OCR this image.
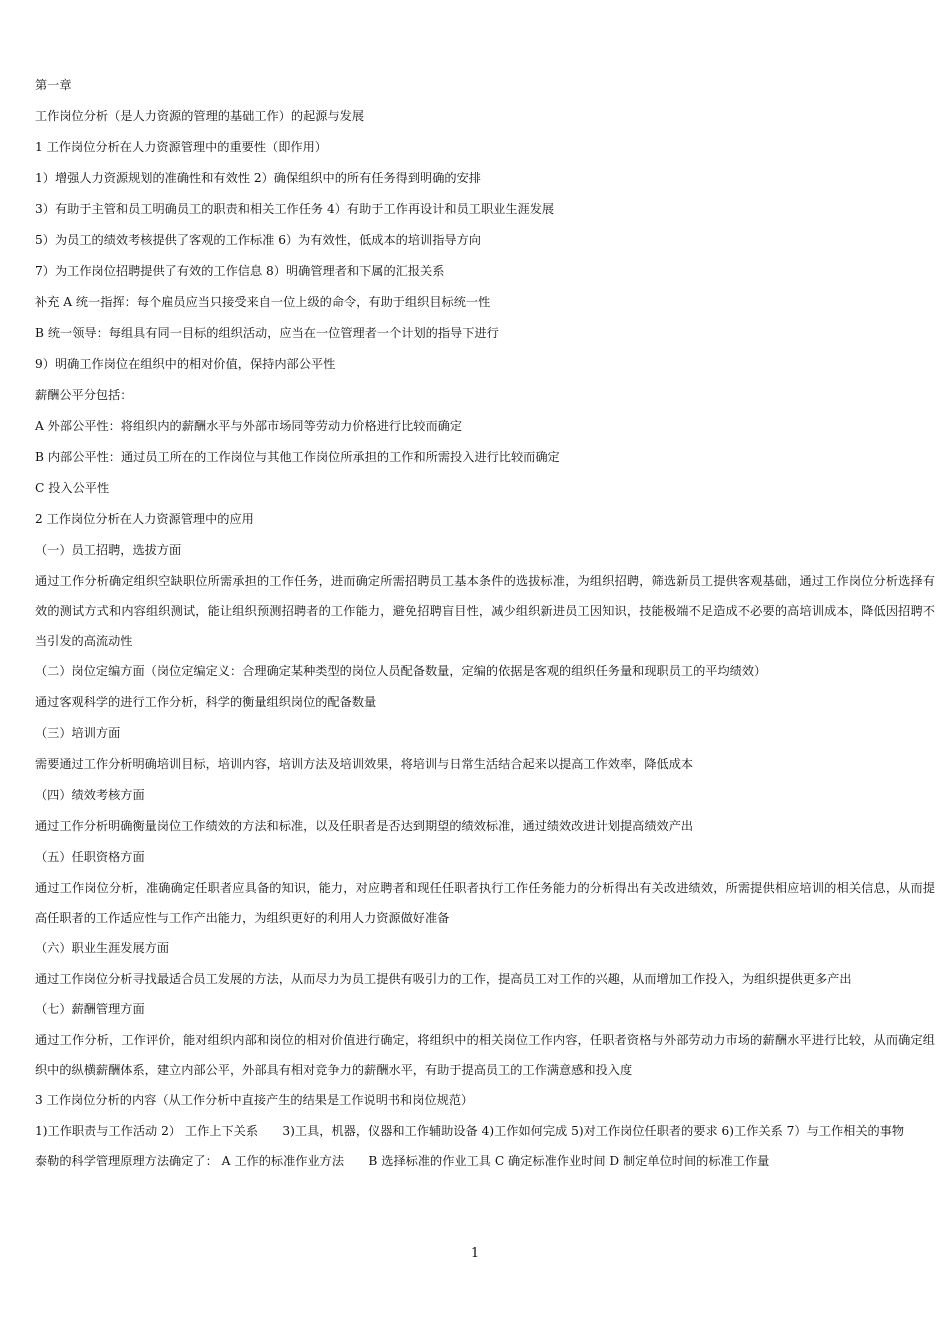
第一章
工作岗位分析（是人力资源的管理的基础工作）的起源与发展
1 工作岗位分析在人力资源管理中的重要性（即作用）
1）增强人力资源规划的准确性和有效性 2）确保组织中的所有任务得到明确的安排
3）有助于主管和员工明确员工的职责和相关工作任务 4）有助于工作再设计和员工职业生涯发展
5）为员工的绩效考核提供了客观的工作标准 6）为有效性，低成本的培训指导方向
7）为工作岗位招聘提供了有效的工作信息 8）明确管理者和下属的汇报关系
补充 A 统一指挥：每个雇员应当只接受来自一位上级的命令，有助于组织目标统一性
B 统一领导：每组具有同一目标的组织活动，应当在一位管理者一个计划的指导下进行
9）明确工作岗位在组织中的相对价值，保持内部公平性
薪酬公平分包括：
A 外部公平性：将组织内的薪酬水平与外部市场同等劳动力价格进行比较而确定
B 内部公平性：通过员工所在的工作岗位与其他工作岗位所承担的工作和所需投入进行比较而确定
C 投入公平性
2 工作岗位分析在人力资源管理中的应用
（一）员工招聘，选拔方面
通过工作分析确定组织空缺职位所需承担的工作任务，进而确定所需招聘员工基本条件的选拔标准，为组织招聘，筛选新员工提供客观基础，通过工作岗位分析选择有效的测试方式和内容组织测试，能让组织预测招聘者的工作能力，避免招聘盲目性，减少组织新进员工因知识，技能极端不足造成不必要的高培训成本，降低因招聘不当引发的高流动性
（二）岗位定编方面（岗位定编定义：合理确定某种类型的岗位人员配备数量，定编的依据是客观的组织任务量和现职员工的平均绩效）
通过客观科学的进行工作分析，科学的衡量组织岗位的配备数量
（三）培训方面
需要通过工作分析明确培训目标，培训内容，培训方法及培训效果，将培训与日常生活结合起来以提高工作效率，降低成本
（四）绩效考核方面
通过工作分析明确衡量岗位工作绩效的方法和标准，以及任职者是否达到期望的绩效标准，通过绩效改进计划提高绩效产出
（五）任职资格方面
通过工作岗位分析，准确确定任职者应具备的知识，能力，对应聘者和现任任职者执行工作任务能力的分析得出有关改进绩效，所需提供相应培训的相关信息，从而提高任职者的工作适应性与工作产出能力，为组织更好的利用人力资源做好准备
（六）职业生涯发展方面
通过工作岗位分析寻找最适合员工发展的方法，从而尽力为员工提供有吸引力的工作，提高员工对工作的兴趣，从而增加工作投入，为组织提供更多产出
（七）薪酬管理方面
通过工作分析，工作评价，能对组织内部和岗位的相对价值进行确定，将组织中的相关岗位工作内容，任职者资格与外部劳动力市场的薪酬水平进行比较，从而确定组织中的纵横薪酬体系，建立内部公平，外部具有相对竞争力的薪酬水平，有助于提高员工的工作满意感和投入度
3 工作岗位分析的内容（从工作分析中直接产生的结果是工作说明书和岗位规范）
1)工作职责与工作活动 2） 工作上下关系　　3)工具，机器，仪器和工作辅助设备 4)工作如何完成 5)对工作岗位任职者的要求 6)工作关系 7）与工作相关的事物
泰勒的科学管理原理方法确定了： A 工作的标准作业方法　　B 选择标准的作业工具 C 确定标准作业时间 D 制定单位时间的标准工作量
1
